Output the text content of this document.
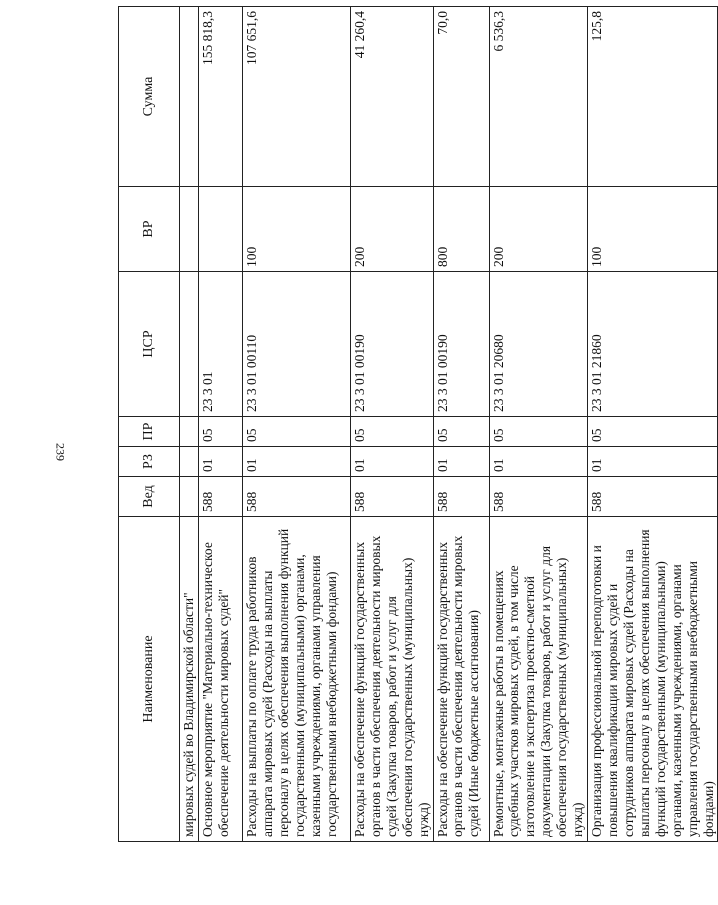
239
Наименование	Вед	РЗ	ПР	ЦСР	ВР	Сумма
мировых судей во Владимирской области"						
Основное мероприятие "Материально-техническое обеспечение деятельности мировых судей"	588	01	05	23 3 01		155 818,3
Расходы на выплаты по оплате труда работников аппарата мировых судей (Расходы на выплаты персоналу в целях обеспечения выполнения функций государственными (муниципальными) органами, казенными учреждениями, органами управления государственными внебюджетными фондами)	588	01	05	23 3 01 00110	100	107 651,6
Расходы на обеспечение функций государственных органов в части обеспечения деятельности мировых судей (Закупка товаров, работ и услуг для обеспечения государственных (муниципальных) нужд)	588	01	05	23 3 01 00190	200	41 260,4
Расходы на обеспечение функций государственных органов в части обеспечения деятельности мировых судей (Иные бюджетные ассигнования)	588	01	05	23 3 01 00190	800	70,0
Ремонтные, монтажные работы в помещениях судебных участков мировых судей, в том числе изготовление и экспертиза проектно-сметной документации (Закупка товаров, работ и услуг для обеспечения государственных (муниципальных) нужд)	588	01	05	23 3 01 20680	200	6 536,3
Организация профессиональной переподготовки и повышения квалификации мировых судей и сотрудников аппарата мировых судей (Расходы на выплаты персоналу в целях обеспечения выполнения функций государственными (муниципальными) органами, казенными учреждениями, органами управления государственными внебюджетными фондами)	588	01	05	23 3 01 21860	100	125,8
